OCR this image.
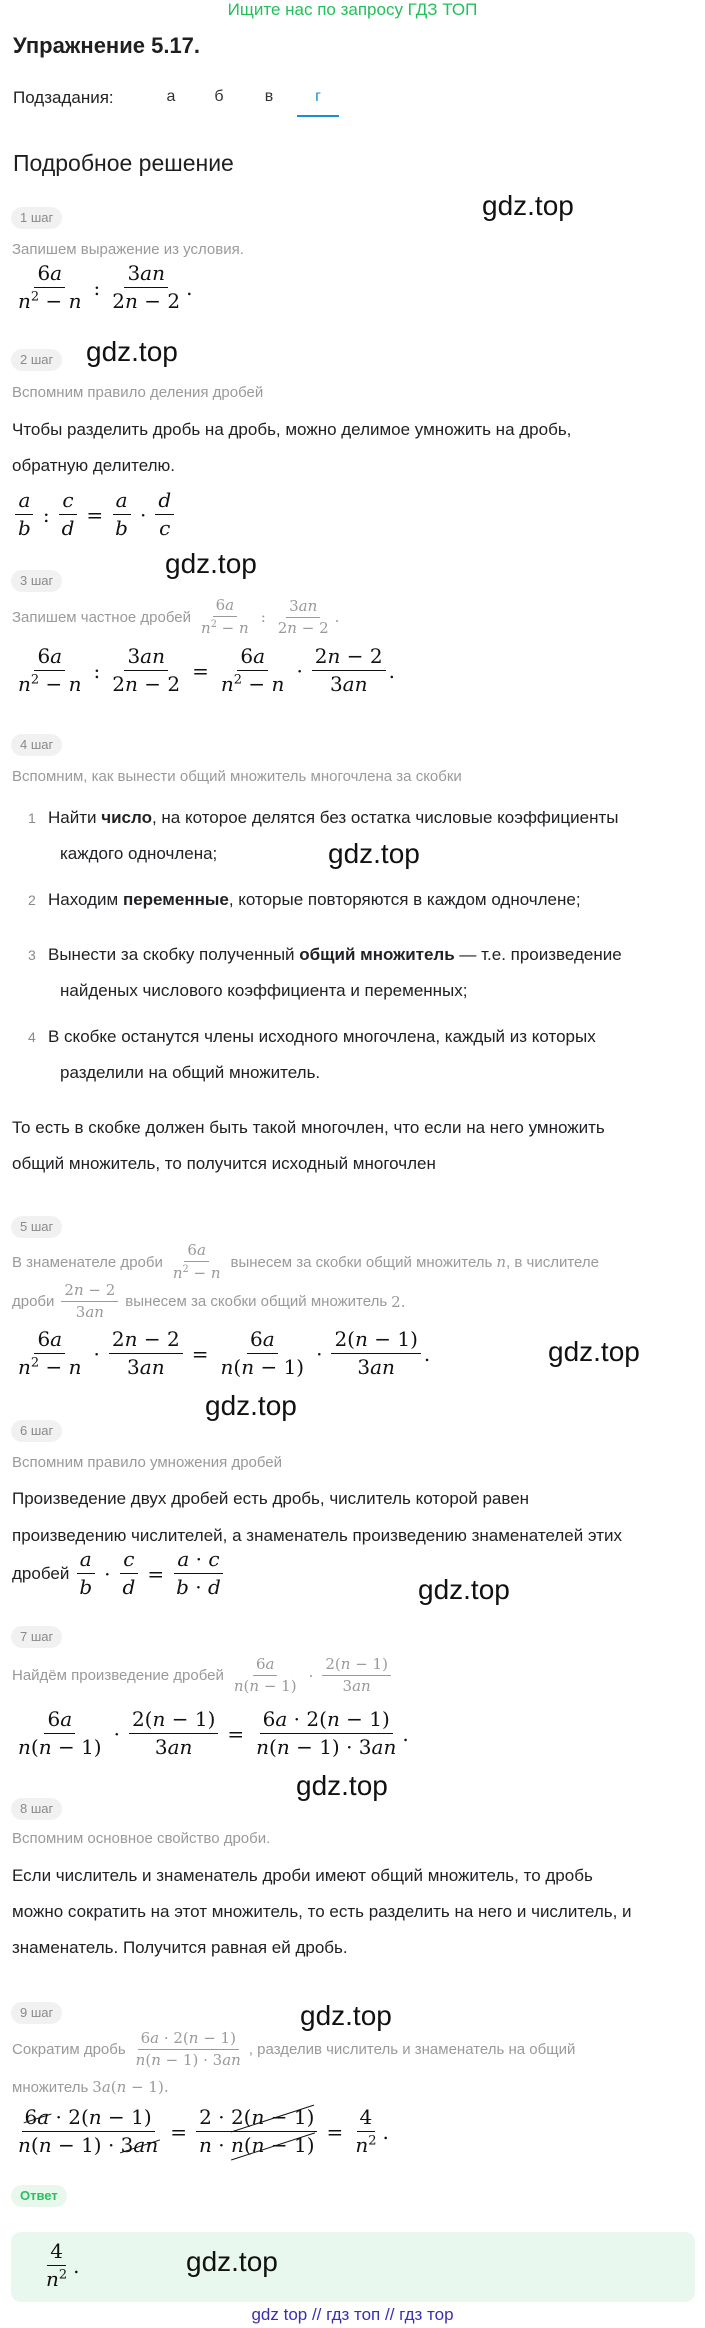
Ищите нас по запросу ГДЗ ТОП
Упражнение 5.17.
Подзадания:	а	б	в	г
Подробное решение
1 шаг	gdz.top
Запишем выражение из условия.
$\frac{6a}{n^2 - n}$ : $\frac{3an}{2n - 2}$ .
2 шаг	gdz.top
Вспомним правило деления дробей
Чтобы разделить дробь на дробь, можно делимое умножить на дробь,
обратную делителю.
$\frac{a}{b}$ : $\frac{c}{d} = \frac{a}{b} \cdot \frac{d}{c}$
gdz.top
3 шаг
Запишем частное дробей $\frac{6a}{n^2 - n}$ : $\frac{3an}{2n - 2}$ .
$\frac{6a}{n^2 - n}$ : $\frac{3an}{2n - 2} = \frac{6a}{n^2 - n} \cdot \frac{2n - 2}{3an}$ .
4 шаг
Вспомним, как вынести общий множитель многочлена за скобки
1 Найти число, на которое делятся без остатка числовые коэффициенты
каждого одночлена;	gdz.top
2 Находим переменные, которые повторяются в каждом одночлене;
3 Вынести за скобку полученный общий множитель — т.е. произведение
найденых числового коэффициента и переменных;
4 В скобке останутся члены исходного многочлена, каждый из которых
разделили на общий множитель.
То есть в скобке должен быть такой многочлен, что если на него умножить
общий множитель, то получится исходный многочлен
5 шаг
В знаменателе дроби $\frac{6a}{n^2 - n}$ вынесем за скобки общий множитель n , в числителе
дроби $\frac{2n - 2}{3an}$ вынесем за скобки общий множитель 2 .
$\frac{6a}{n^2 - n} \cdot \frac{2n - 2}{3an} = \frac{6a}{n(n - 1)} \cdot \frac{2(n - 1)}{3an}$ .	gdz.top
gdz.top
6 шаг
Вспомним правило умножения дробей
Произведение двух дробей есть дробь, числитель которой равен
произведению числителей, а знаменатель произведению знаменателей этих
дробей $\frac{a}{b} \cdot \frac{c}{d} = \frac{a \cdot c}{b \cdot d}$	gdz.top
7 шаг
Найдём произведение дробей $\frac{6a}{n(n - 1)} \cdot \frac{2(n - 1)}{3an}$
$\frac{6a}{n(n - 1)} \cdot \frac{2(n - 1)}{3an} = \frac{6a \cdot 2(n - 1)}{n(n - 1) \cdot 3an}$ .
gdz.top
8 шаг
Вспомним основное свойство дроби.
Если числитель и знаменатель дроби имеют общий множитель, то дробь
можно сократить на этот множитель, то есть разделить на него и числитель, и
знаменатель. Получится равная ей дробь.
gdz.top
9 шаг
Сократим дробь $\frac{6a \cdot 2(n - 1)}{n(n - 1) \cdot 3an}$ , разделив числитель и знаменатель на общий
множитель 3a(n − 1).
$\frac{6a \cdot 2(n - 1)}{n(n - 1) \cdot 3an} = \frac{2 \cdot 2(n - 1)}{n \cdot n(n - 1)} = \frac{4}{n^2}$ .
Ответ
$\frac{4}{n^2}$ .	gdz.top
gdz top // гдз топ // гдз тор
